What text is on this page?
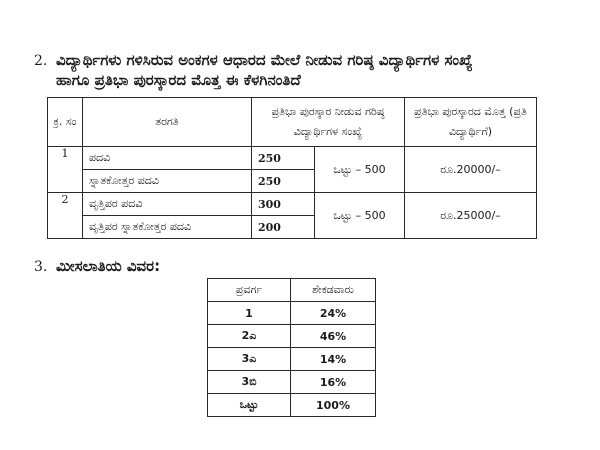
2. ವಿದ್ಯಾರ್ಥಿಗಳು ಗಳಿಸಿರುವ ಅಂಕಗಳ ಆಧಾರದ ಮೇಲೆ ನೀಡುವ ಗರಿಷ್ಠ ವಿದ್ಯಾರ್ಥಿಗಳ ಸಂಖ್ಯೆ
ಹಾಗೂ ಪ್ರತಿಭಾ ಪುರಸ್ಕಾರದ ಮೊತ್ತ ಈ ಕೆಳಗಿನಂತಿದೆ
ಕ್ರ. ಸಂ	ತರಗತಿ	ಪ್ರತಿಭಾ ಪುರಸ್ಕಾರ ನೀಡುವ ಗರಿಷ್ಠ ವಿದ್ಯಾರ್ಥಿಗಳ ಸಂಖ್ಯೆ		ಪ್ರತಿಭಾ ಪುರಸ್ಕಾರದ ಮೊತ್ತ (ಪ್ರತಿ ವಿದ್ಯಾರ್ಥಿಗೆ)
1	ಪದವಿ	250	ಒಟ್ಟು – 500	ರೂ.20000/–
	ಸ್ನಾತಕೋತ್ತರ ಪದವಿ	250		
2	ವೃತ್ತಿಪರ ಪದವಿ	300	ಒಟ್ಟು – 500	ರೂ.25000/–
	ವೃತ್ತಿಪರ ಸ್ನಾತಕೋತ್ತರ ಪದವಿ	200		
3. ಮೀಸಲಾತಿಯ ವಿವರ:
ಪ್ರವರ್ಗ	ಶೇಕಡವಾರು
1	24%
2ಎ	46%
3ಎ	14%
3ಬಿ	16%
ಒಟ್ಟು	100%
